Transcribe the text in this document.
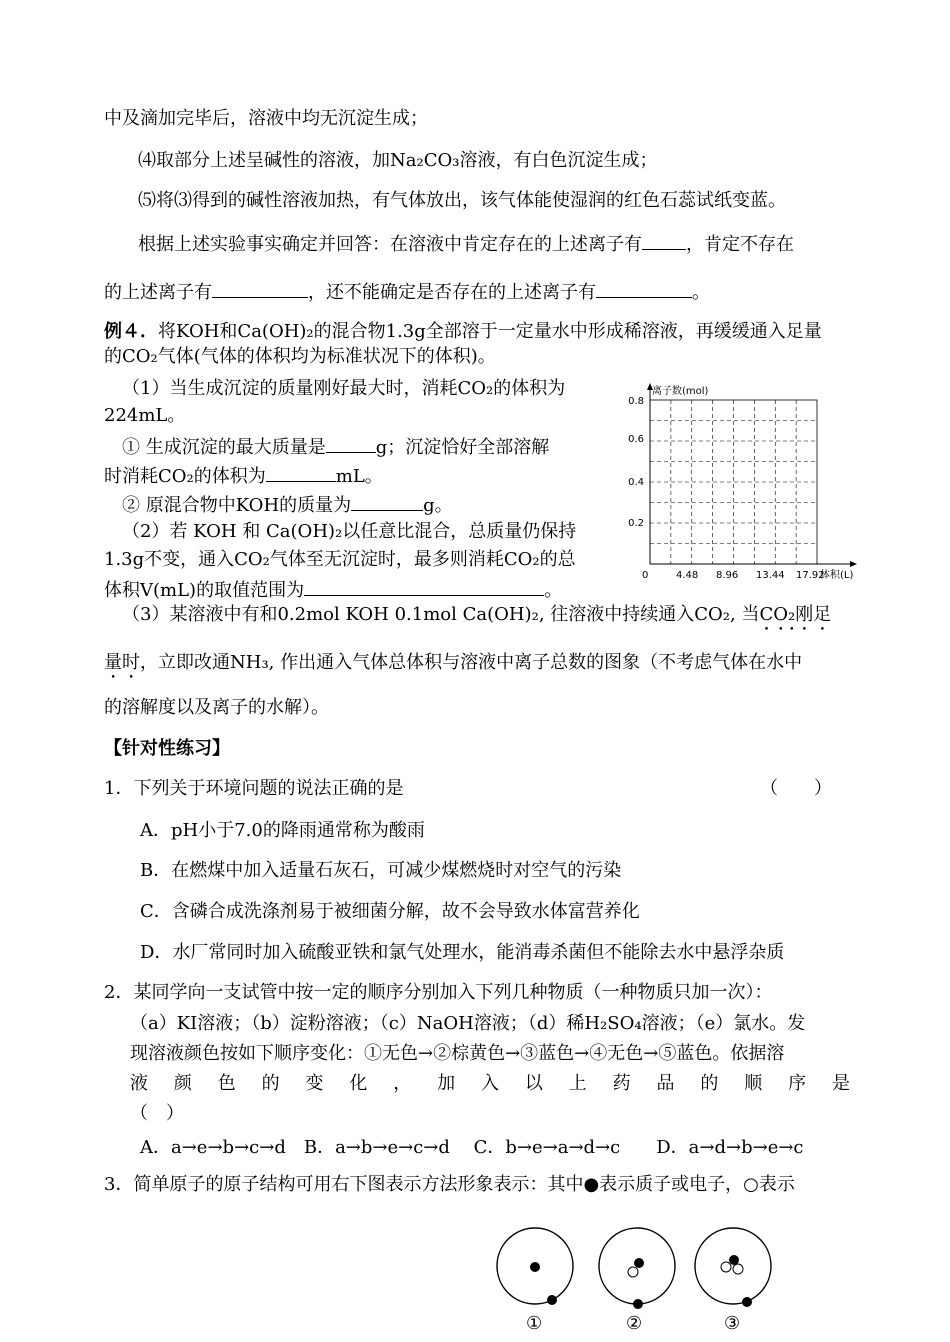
中及滴加完毕后，溶液中均无沉淀生成；
⑷取部分上述呈碱性的溶液，加Na₂CO₃溶液，有白色沉淀生成；
⑸将⑶得到的碱性溶液加热，有气体放出，该气体能使湿润的红色石蕊试纸变蓝。
根据上述实验事实确定并回答：在溶液中肯定存在的上述离子有 ，肯定不存在
的上述离子有	，还不能确定是否存在的上述离子有	。
例４．将KOH和Ca(OH)₂的混合物1.3g全部溶于一定量水中形成稀溶液，再缓缓通入足量
的CO₂气体(气体的体积均为标准状况下的体积)。
（1）当生成沉淀的质量刚好最大时，消耗CO₂的体积为
224mL。
① 生成沉淀的最大质量是	g；沉淀恰好全部溶解
时消耗CO₂的体积为	mL。
② 原混合物中KOH的质量为	g。
（2）若 KOH 和 Ca(OH)₂以任意比混合，总质量仍保持
1.3g不变，通入CO₂气体至无沉淀时，最多则消耗CO₂的总
体积V(mL)的取值范围为	。
离子数(mol)
体积(L)
0.8
0.6
0.4
0.2
0	4.48 8.96 13.44 17.92
（3）某溶液中有和0.2mol KOH 0.1mol Ca(OH)₂, 往溶液中持续通入CO₂, 当CO₂刚足
量时，立即改通NH₃, 作出通入气体总体积与溶液中离子总数的图象（不考虑气体在水中
的溶解度以及离子的水解）。
【针对性练习】
1．下列关于环境问题的说法正确的是	（　　）
A．pH小于7.0的降雨通常称为酸雨
B．在燃煤中加入适量石灰石，可减少煤燃烧时对空气的污染
C．含磷合成洗涤剂易于被细菌分解，故不会导致水体富营养化
D．水厂常同时加入硫酸亚铁和氯气处理水，能消毒杀菌但不能除去水中悬浮杂质
2．某同学向一支试管中按一定的顺序分别加入下列几种物质（一种物质只加一次）：
（a）KI溶液；（b）淀粉溶液；（c）NaOH溶液；（d）稀H₂SO₄溶液；（e）氯水。发
现溶液颜色按如下顺序变化：①无色→②棕黄色→③蓝色→④无色→⑤蓝色。依据溶
液 颜 色 的 变 化 ， 加 入 以 上 药 品 的 顺 序 是
（　）
A．a→e→b→c→d　B．a→b→e→c→d　 C．b→e→a→d→c　　D．a→d→b→e→c
3．简单原子的原子结构可用右下图表示方法形象表示：其中●表示质子或电子，○表示
①	②	③
